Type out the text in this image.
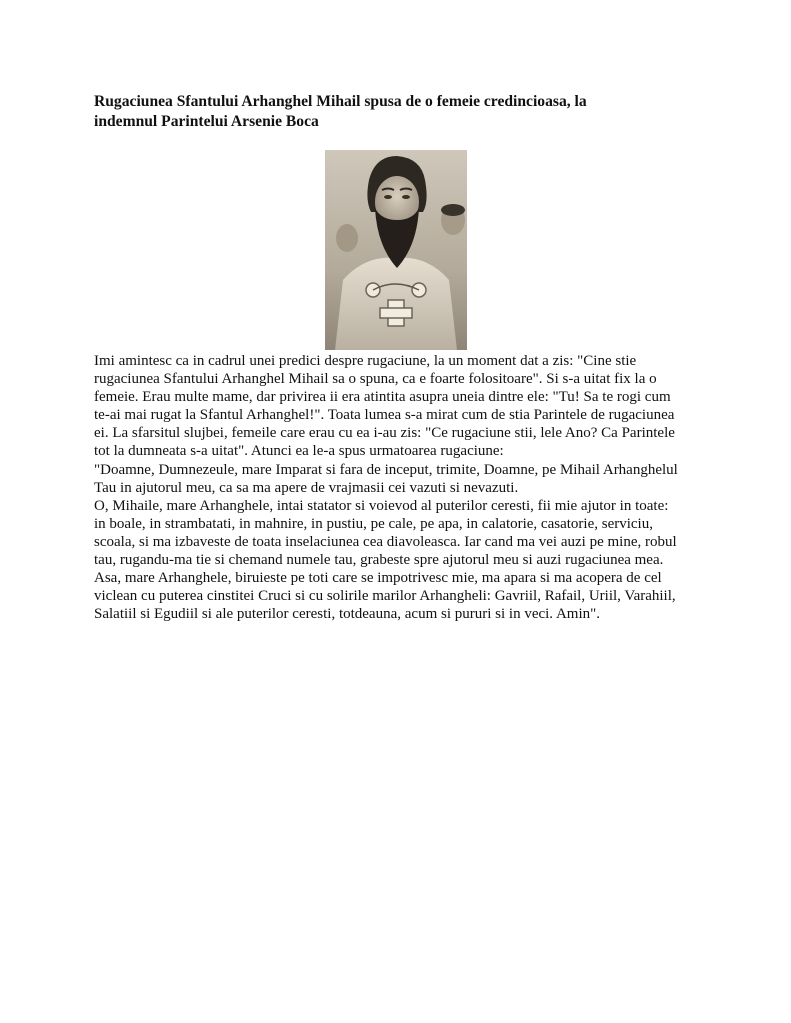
Rugaciunea Sfantului Arhanghel Mihail spusa de o femeie credincioasa, la
indemnul Parintelui Arsenie Boca

Imi amintesc ca in cadrul unei predici despre rugaciune, la un moment dat a zis: "Cine stie
rugaciunea Sfantului Arhanghel Mihail sa o spuna, ca e foarte folositoare". Si s-a uitat fix la o
femeie. Erau multe mame, dar privirea ii era atintita asupra uneia dintre ele: "Tu! Sa te rogi cum
te-ai mai rugat la Sfantul Arhanghel!". Toata lumea s-a mirat cum de stia Parintele de rugaciunea
ei. La sfarsitul slujbei, femeile care erau cu ea i-au zis: "Ce rugaciune stii, lele Ano? Ca Parintele
tot la dumneata s-a uitat". Atunci ea le-a spus urmatoarea rugaciune:

"Doamne, Dumnezeule, mare Imparat si fara de inceput, trimite, Doamne, pe Mihail Arhanghelul
Tau in ajutorul meu, ca sa ma apere de vrajmasii cei vazuti si nevazuti.

O, Mihaile, mare Arhanghele, intai statator si voievod al puterilor ceresti, fii mie ajutor in toate:
in boale, in strambatati, in mahnire, in pustiu, pe cale, pe apa, in calatorie, casatorie, serviciu,
scoala, si ma izbaveste de toata inselaciunea cea diavoleasca. Iar cand ma vei auzi pe mine, robul
tau, rugandu-ma tie si chemand numele tau, grabeste spre ajutorul meu si auzi rugaciunea mea.
Asa, mare Arhanghele, biruieste pe toti care se impotrivesc mie, ma apara si ma acopera de cel
viclean cu puterea cinstitei Cruci si cu solirile marilor Arhangheli: Gavriil, Rafail, Uriil, Varahiil,
Salatiil si Egudiil si ale puterilor ceresti, totdeauna, acum si pururi si in veci. Amin".
